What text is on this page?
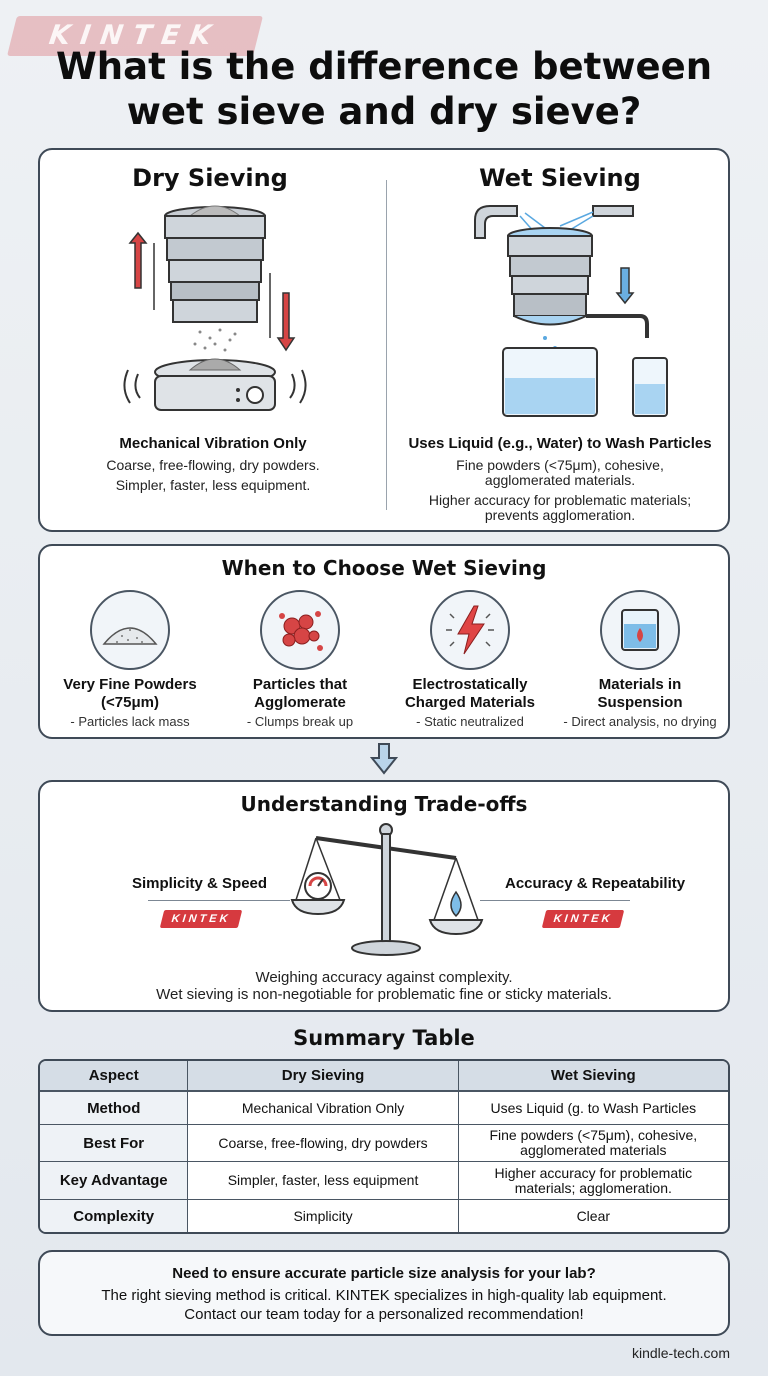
KINTEK
What is the difference between wet sieve and dry sieve?
Dry Sieving	Wet Sieving
Mechanical Vibration Only
Coarse, free-flowing, dry powders.
Simpler, faster, less equipment.
Uses Liquid (e.g., Water) to Wash Particles
Fine powders (<75μm), cohesive,
agglomerated materials.
Higher accuracy for problematic materials;
prevents agglomeration.
When to Choose Wet Sieving
Very Fine Powders
(<75μm)
- Particles lack mass
Particles that
Agglomerate
- Clumps break up
Electrostatically
Charged Materials
- Static neutralized
Materials in
Suspension
- Direct analysis, no drying
Understanding Trade-offs
Simplicity & Speed
KINTEK
Accuracy & Repeatability
KINTEK
Weighing accuracy against complexity.
Wet sieving is non-negotiable for problematic fine or sticky materials.
Summary Table
Aspect	Dry Sieving	Wet Sieving
Method	Mechanical Vibration Only	Uses Liquid (g. to Wash Particles

Best For	Coarse, free-flowing, dry powders	Fine powders (<75μm), cohesive,
agglomerated materials

Key Advantage	Simpler, faster, less equipment	Higher accuracy for problematic
materials; agglomeration.

Complexity	Simplicity	Clear
Need to ensure accurate particle size analysis for your lab?
The right sieving method is critical. KINTEK specializes in high-quality lab equipment.
Contact our team today for a personalized recommendation!
kindle-tech.com
